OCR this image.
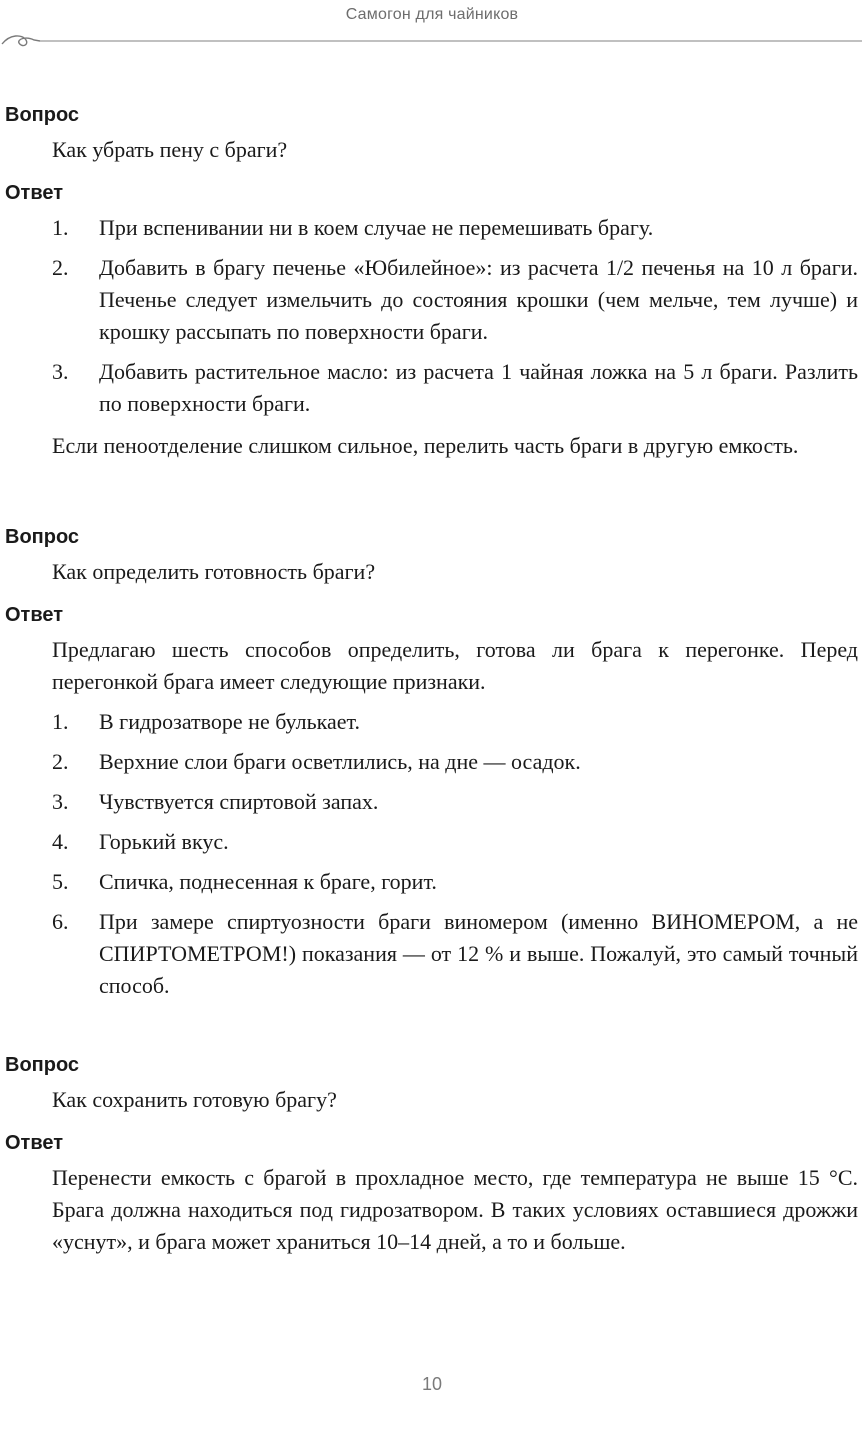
Самогон для чайников

Вопрос

Как убрать пену с браги?

Ответ

1. При вспенивании ни в коем случае не перемешивать брагу.
2. Добавить в брагу печенье «Юбилейное»: из расчета 1/2 печенья на 10 л браги. Печенье следует измельчить до состояния крошки (чем мельче, тем лучше) и крошку рассыпать по поверхности браги.
3. Добавить растительное масло: из расчета 1 чайная ложка на 5 л браги. Разлить по поверхности браги.

Если пеноотделение слишком сильное, перелить часть браги в другую емкость.

Вопрос

Как определить готовность браги?

Ответ

Предлагаю шесть способов определить, готова ли брага к перегонке. Перед перегонкой брага имеет следующие признаки.

1. В гидрозатворе не булькает.
2. Верхние слои браги осветлились, на дне — осадок.
3. Чувствуется спиртовой запах.
4. Горький вкус.
5. Спичка, поднесенная к браге, горит.
6. При замере спиртуозности браги виномером (именно ВИНОМЕРОМ, а не СПИРТОМЕТРОМ!) показания — от 12 % и выше. Пожалуй, это самый точный способ.

Вопрос

Как сохранить готовую брагу?

Ответ

Перенести емкость с брагой в прохладное место, где температура не выше 15 °C. Брага должна находиться под гидрозатвором. В таких условиях оставшиеся дрожжи «уснут», и брага может храниться 10–14 дней, а то и больше.

10
